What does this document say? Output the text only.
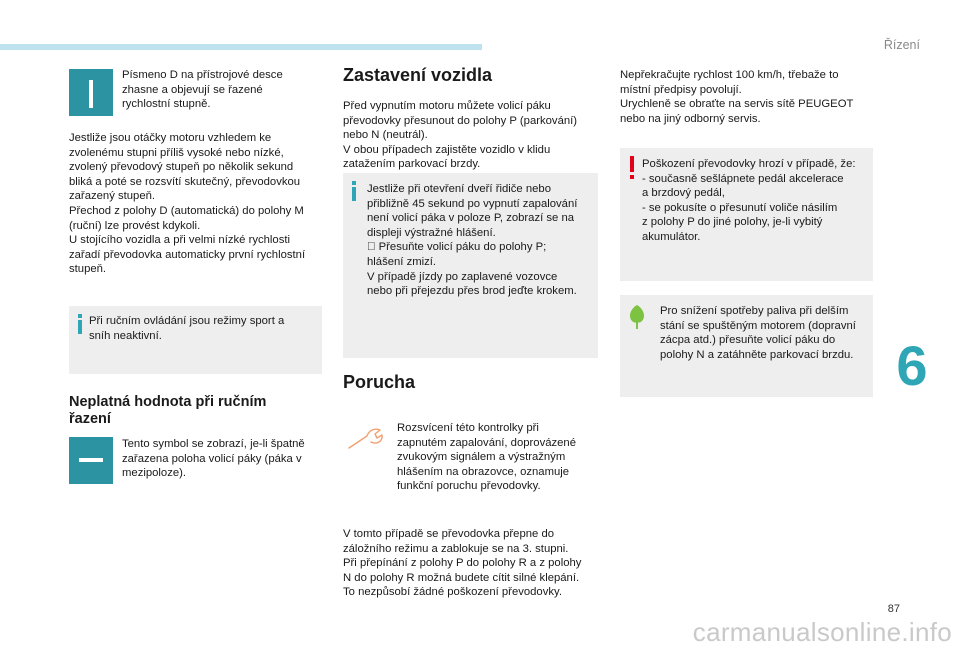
Řízení
6
Písmeno D na přístrojové desce
zhasne a objevují se řazené
rychlostní stupně.
Jestliže jsou otáčky motoru vzhledem ke
zvolenému stupni příliš vysoké nebo nízké,
zvolený převodový stupeň po několik sekund
bliká a poté se rozsvítí skutečný, převodovkou
zařazený stupeň.
Přechod z polohy D (automatická) do polohy M
(ruční) lze provést kdykoli.
U stojícího vozidla a při velmi nízké rychlosti
zařadí převodovka automaticky první rychlostní
stupeň.
Při ručním ovládání jsou režimy sport a
sníh neaktivní.
Neplatná hodnota při ručním
řazení
Tento symbol se zobrazí, je-li špatně
zařazena poloha volicí páky (páka v
mezipoloze).
Zastavení vozidla
Před vypnutím motoru můžete volicí páku
převodovky přesunout do polohy P (parkování)
nebo N (neutrál).
V obou případech zajistěte vozidlo v klidu
zatažením parkovací brzdy.
Jestliže při otevření dveří řidiče nebo
přibližně 45 sekund po vypnutí zapalování
není volicí páka v poloze P, zobrazí se na
displeji výstražné hlášení.
Přesuňte volicí páku do polohy P;
hlášení zmizí.
V případě jízdy po zaplavené vozovce
nebo při přejezdu přes brod jeďte krokem.
Porucha
Rozsvícení této kontrolky při
zapnutém zapalování, doprovázené
zvukovým signálem a výstražným
hlášením na obrazovce, oznamuje
funkční poruchu převodovky.
V tomto případě se převodovka přepne do
záložního režimu a zablokuje se na 3. stupni.
Při přepínání z polohy P do polohy R a z polohy
N do polohy R možná budete cítit silné klepání.
To nezpůsobí žádné poškození převodovky.
Nepřekračujte rychlost 100 km/h, třebaže to
místní předpisy povolují.
Urychleně se obraťte na servis sítě PEUGEOT
nebo na jiný odborný servis.
Poškození převodovky hrozí v případě, že:
- současně sešlápnete pedál akcelerace
a brzdový pedál,
- se pokusíte o přesunutí voliče násilím
z polohy P do jiné polohy, je-li vybitý
akumulátor.
Pro snížení spotřeby paliva při delším
stání se spuštěným motorem (dopravní
zácpa atd.) přesuňte volicí páku do
polohy N a zatáhněte parkovací brzdu.
87
carmanualsonline.info
